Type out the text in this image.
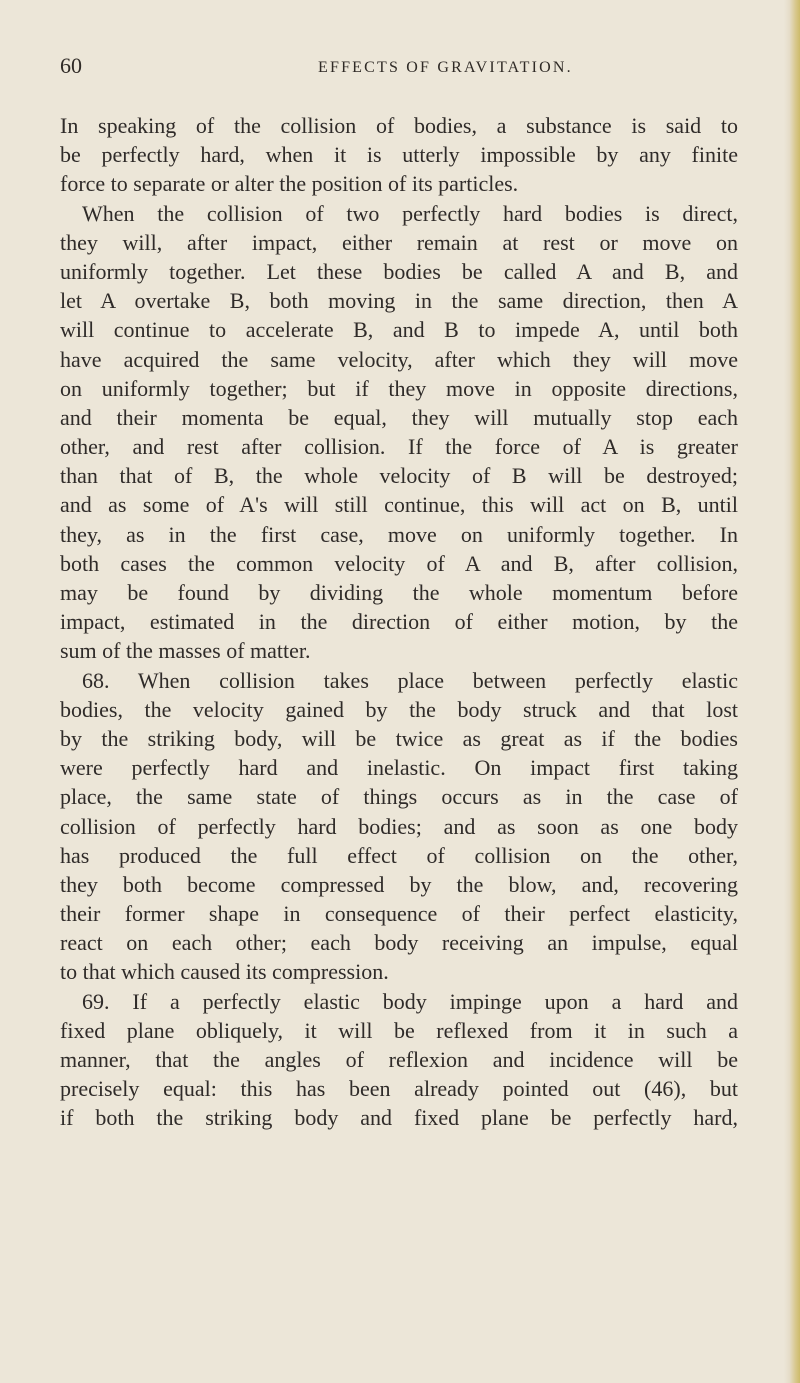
60	EFFECTS OF GRAVITATION.
In speaking of the collision of bodies, a substance is said to
be perfectly hard, when it is utterly impossible by any finite
force to separate or alter the position of its particles.
When the collision of two perfectly hard bodies is direct,
they will, after impact, either remain at rest or move on
uniformly together. Let these bodies be called A and B, and
let A overtake B, both moving in the same direction, then A
will continue to accelerate B, and B to impede A, until both
have acquired the same velocity, after which they will move
on uniformly together; but if they move in opposite directions,
and their momenta be equal, they will mutually stop each
other, and rest after collision. If the force of A is greater
than that of B, the whole velocity of B will be destroyed;
and as some of A's will still continue, this will act on B, until
they, as in the first case, move on uniformly together. In
both cases the common velocity of A and B, after collision,
may be found by dividing the whole momentum before
impact, estimated in the direction of either motion, by the
sum of the masses of matter.
68. When collision takes place between perfectly elastic
bodies, the velocity gained by the body struck and that lost
by the striking body, will be twice as great as if the bodies
were perfectly hard and inelastic. On impact first taking
place, the same state of things occurs as in the case of
collision of perfectly hard bodies; and as soon as one body
has produced the full effect of collision on the other,
they both become compressed by the blow, and, recovering
their former shape in consequence of their perfect elasticity,
react on each other; each body receiving an impulse, equal
to that which caused its compression.
69. If a perfectly elastic body impinge upon a hard and
fixed plane obliquely, it will be reflexed from it in such a
manner, that the angles of reflexion and incidence will be
precisely equal: this has been already pointed out (46), but
if both the striking body and fixed plane be perfectly hard,
